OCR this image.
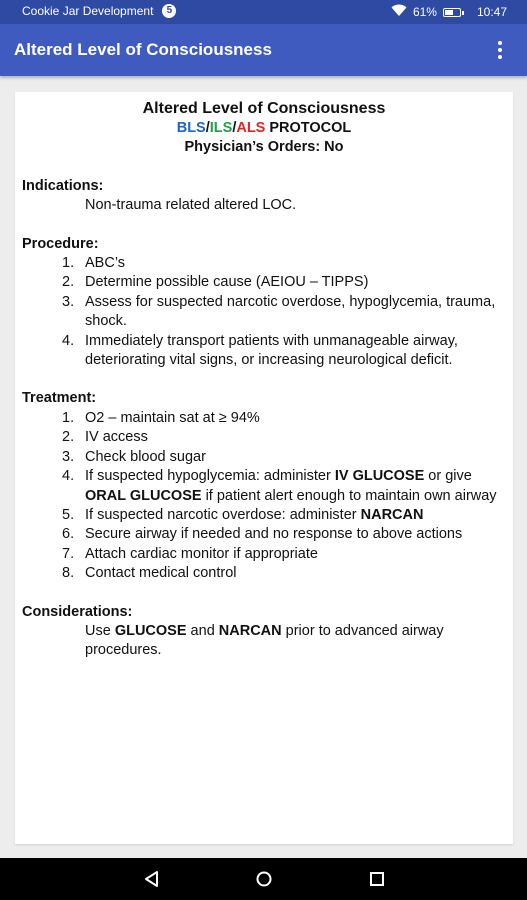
Cookie Jar Development	5	61%	10:47
Altered Level of Consciousness
Altered Level of Consciousness
BLS/ILS/ALS PROTOCOL
Physician’s Orders: No
Indications:
Non-trauma related altered LOC.
Procedure:
1. ABC’s
2. Determine possible cause (AEIOU – TIPPS)
3. Assess for suspected narcotic overdose, hypoglycemia, trauma, shock.
4. Immediately transport patients with unmanageable airway, deteriorating vital signs, or increasing neurological deficit.
Treatment:
1. O2 – maintain sat at ≥ 94%
2. IV access
3. Check blood sugar
4. If suspected hypoglycemia: administer IV GLUCOSE or give ORAL GLUCOSE if patient alert enough to maintain own airway
5. If suspected narcotic overdose: administer NARCAN
6. Secure airway if needed and no response to above actions
7. Attach cardiac monitor if appropriate
8. Contact medical control
Considerations:
Use GLUCOSE and NARCAN prior to advanced airway procedures.
